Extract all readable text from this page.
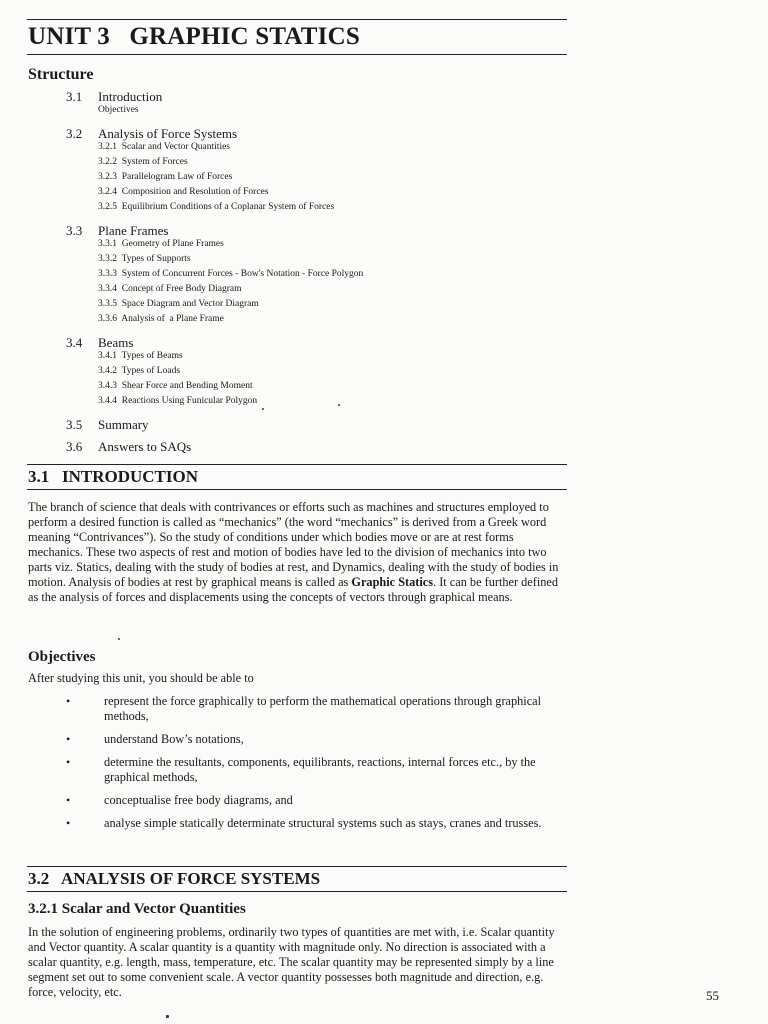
UNIT 3   GRAPHIC STATICS
Structure
3.1 Introduction
Objectives
3.2 Analysis of Force Systems
3.2.1  Scalar and Vector Quantities
3.2.2  System of Forces
3.2.3  Parallelogram Law of Forces
3.2.4  Composition and Resolution of Forces
3.2.5  Equilibrium Conditions of a Coplanar System of Forces
3.3 Plane Frames
3.3.1  Geometry of Plane Frames
3.3.2  Types of Supports
3.3.3  System of Concurrent Forces - Bow's Notation - Force Polygon
3.3.4  Concept of Free Body Diagram
3.3.5  Space Diagram and Vector Diagram
3.3.6  Analysis of  a Plane Frame
3.4 Beams
3.4.1  Types of Beams
3.4.2  Types of Loads
3.4.3  Shear Force and Bending Moment
3.4.4  Reactions Using Funicular Polygon
3.5 Summary
3.6 Answers to SAQs
3.1   INTRODUCTION

The branch of science that deals with contrivances or efforts such as machines and structures employed to perform a desired function is called as “mechanics” (the word “mechanics” is derived from a Greek word meaning “Contrivances”). So the study of conditions under which bodies move or are at rest forms mechanics. These two aspects of rest and motion of bodies have led to the division of mechanics into two parts viz. Statics, dealing with the study of bodies at rest, and Dynamics, dealing with the study of bodies in motion. Analysis of bodies at rest by graphical means is called as Graphic Statics. It can be further defined as the analysis of forces and displacements using the concepts of vectors through graphical means.

Objectives

After studying this unit, you should be able to

•	represent the force graphically to perform the mathematical operations through graphical methods,
•	understand Bow’s notations,
•	determine the resultants, components, equilibrants, reactions, internal forces etc., by the graphical methods,
•	conceptualise free body diagrams, and
•	analyse simple statically determinate structural systems such as stays, cranes and trusses.
3.2   ANALYSIS OF FORCE SYSTEMS
3.2.1 Scalar and Vector Quantities

In the solution of engineering problems, ordinarily two types of quantities are met with, i.e. Scalar quantity and Vector quantity. A scalar quantity is a quantity with magnitude only. No direction is associated with a scalar quantity, e.g. length, mass, temperature, etc. The scalar quantity may be represented simply by a line segment set out to some convenient scale. A vector quantity possesses both magnitude and direction, e.g. force, velocity, etc.	55
